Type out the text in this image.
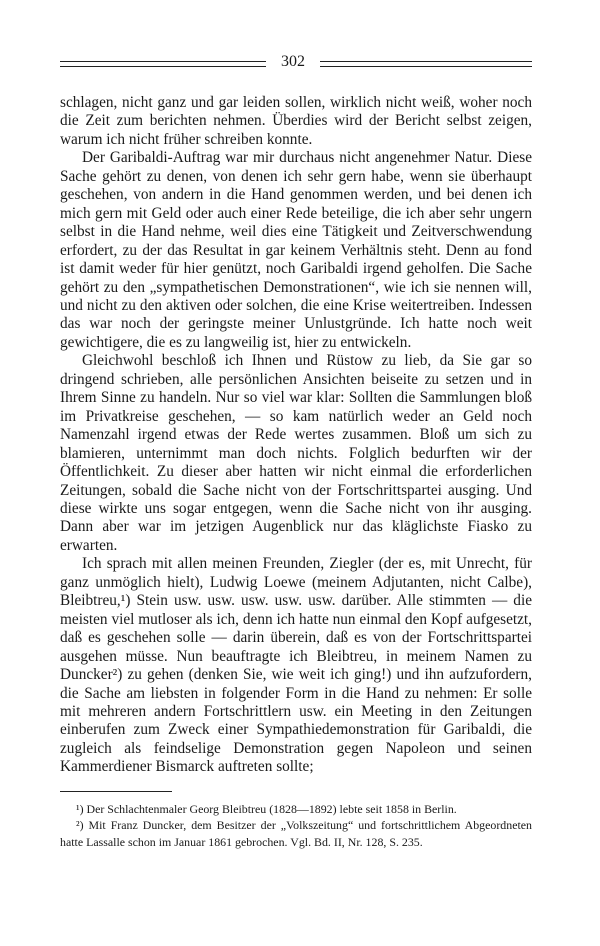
302

schlagen, nicht ganz und gar leiden sollen, wirklich nicht weiß, woher noch die Zeit zum berichten nehmen. Überdies wird der Bericht selbst zeigen, warum ich nicht früher schreiben konnte.

Der Garibaldi-Auftrag war mir durchaus nicht angenehmer Natur. Diese Sache gehört zu denen, von denen ich sehr gern habe, wenn sie überhaupt geschehen, von andern in die Hand genommen werden, und bei denen ich mich gern mit Geld oder auch einer Rede beteilige, die ich aber sehr ungern selbst in die Hand nehme, weil dies eine Tätigkeit und Zeitverschwendung erfordert, zu der das Resultat in gar keinem Verhältnis steht. Denn au fond ist damit weder für hier genützt, noch Garibaldi irgend geholfen. Die Sache gehört zu den „sympathetischen Demonstrationen“, wie ich sie nennen will, und nicht zu den aktiven oder solchen, die eine Krise weitertreiben. Indessen das war noch der geringste meiner Unlustgründe. Ich hatte noch weit gewichtigere, die es zu langweilig ist, hier zu entwickeln.

Gleichwohl beschloß ich Ihnen und Rüstow zu lieb, da Sie gar so dringend schrieben, alle persönlichen Ansichten beiseite zu setzen und in Ihrem Sinne zu handeln. Nur so viel war klar: Sollten die Sammlungen bloß im Privatkreise geschehen, — so kam natürlich weder an Geld noch Namenzahl irgend etwas der Rede wertes zusammen. Bloß um sich zu blamieren, unternimmt man doch nichts. Folglich bedurften wir der Öffentlichkeit. Zu dieser aber hatten wir nicht einmal die erforderlichen Zeitungen, sobald die Sache nicht von der Fortschrittspartei ausging. Und diese wirkte uns sogar entgegen, wenn die Sache nicht von ihr ausging. Dann aber war im jetzigen Augenblick nur das kläglichste Fiasko zu erwarten.

Ich sprach mit allen meinen Freunden, Ziegler (der es, mit Unrecht, für ganz unmöglich hielt), Ludwig Loewe (meinem Adjutanten, nicht Calbe), Bleibtreu,¹) Stein usw. usw. usw. usw. usw. darüber. Alle stimmten — die meisten viel mutloser als ich, denn ich hatte nun einmal den Kopf aufgesetzt, daß es geschehen solle — darin überein, daß es von der Fortschrittspartei ausgehen müsse. Nun beauftragte ich Bleibtreu, in meinem Namen zu Duncker²) zu gehen (denken Sie, wie weit ich ging!) und ihn aufzufordern, die Sache am liebsten in folgender Form in die Hand zu nehmen: Er solle mit mehreren andern Fortschrittlern usw. ein Meeting in den Zeitungen einberufen zum Zweck einer Sympathiedemonstration für Garibaldi, die zugleich als feindselige Demonstration gegen Napoleon und seinen Kammerdiener Bismarck auftreten sollte;

¹) Der Schlachtenmaler Georg Bleibtreu (1828—1892) lebte seit 1858 in Berlin.

²) Mit Franz Duncker, dem Besitzer der „Volkszeitung“ und fortschrittlichem Abgeordneten hatte Lassalle schon im Januar 1861 gebrochen. Vgl. Bd. II, Nr. 128, S. 235.
